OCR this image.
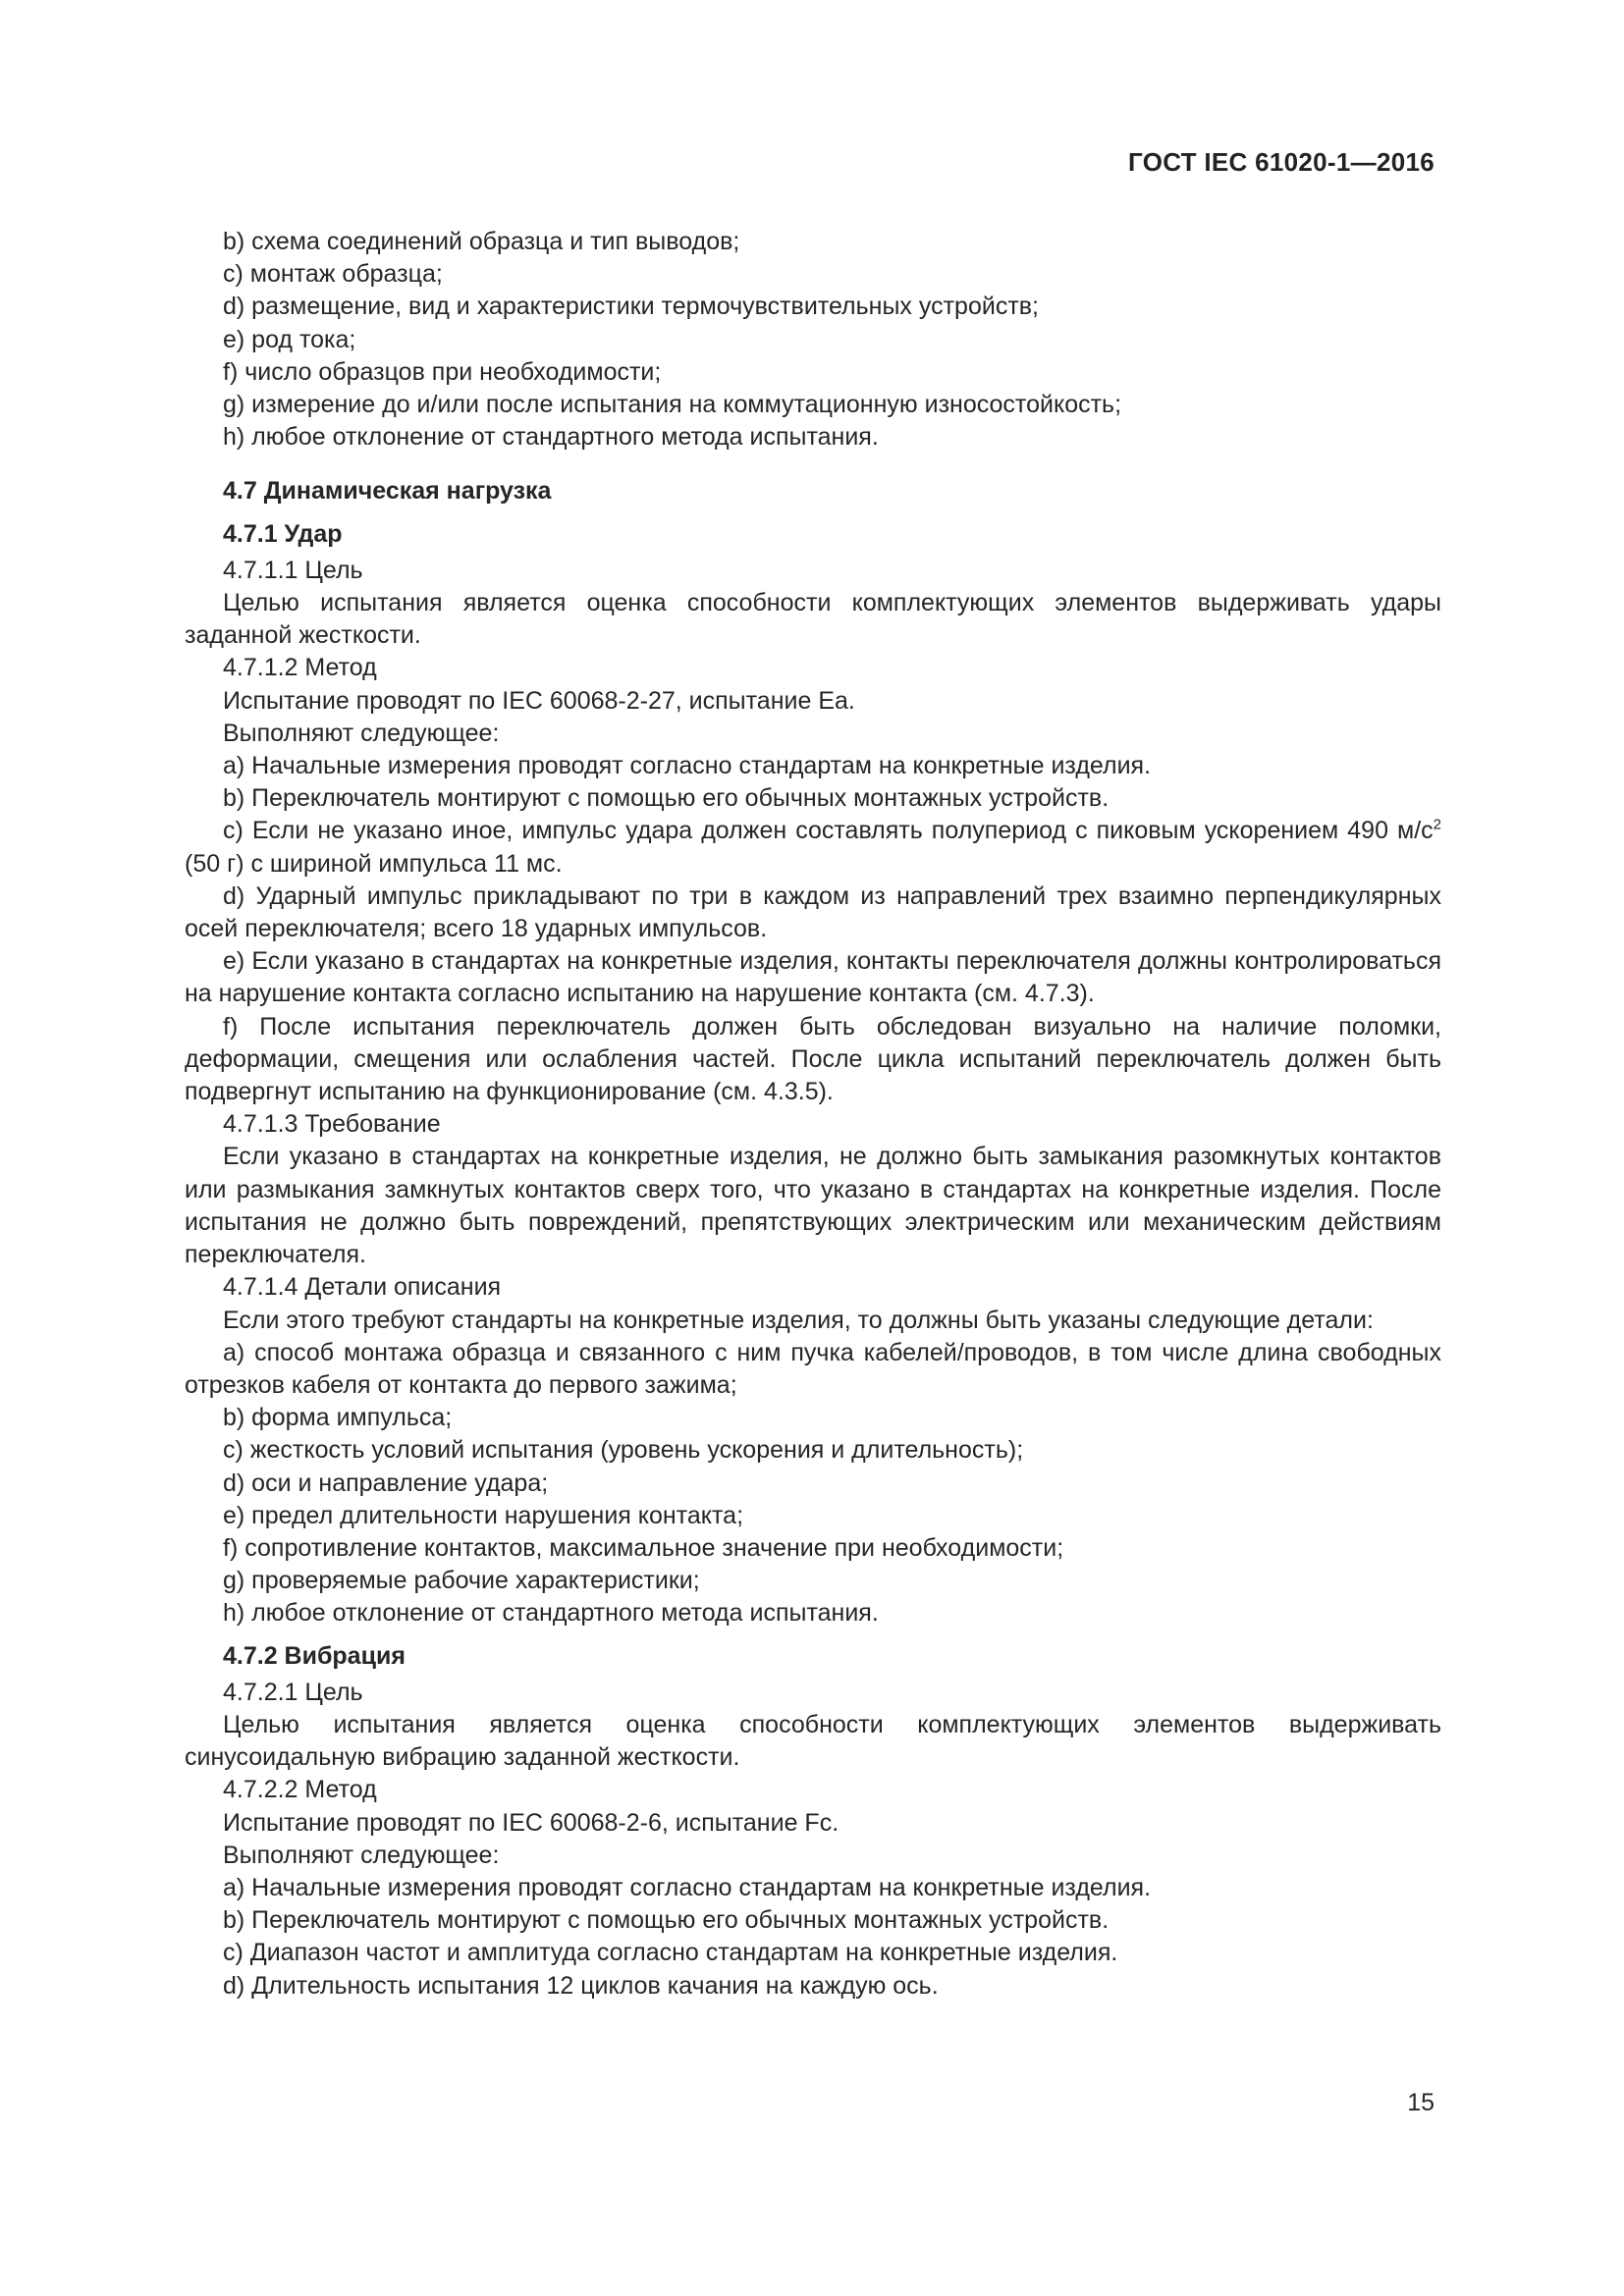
ГОСТ IEC 61020-1—2016

b) схема соединений образца и тип выводов;

c) монтаж образца;

d) размещение, вид и характеристики термочувствительных устройств;

e) род тока;

f) число образцов при необходимости;

g) измерение до и/или после испытания на коммутационную износостойкость;

h) любое отклонение от стандартного метода испытания.

4.7 Динамическая нагрузка
4.7.1 Удар

4.7.1.1 Цель

Целью испытания является оценка способности комплектующих элементов выдерживать удары заданной жесткости.

4.7.1.2 Метод

Испытание проводят по IEC 60068-2-27, испытание Ea.

Выполняют следующее:

a) Начальные измерения проводят согласно стандартам на конкретные изделия.

b) Переключатель монтируют с помощью его обычных монтажных устройств.

c) Если не указано иное, импульс удара должен составлять полупериод с пиковым ускорением 490 $м/с^2$ (50 г) с шириной импульса 11 мс.

d) Ударный импульс прикладывают по три в каждом из направлений трех взаимно перпендикулярных осей переключателя; всего 18 ударных импульсов.

e) Если указано в стандартах на конкретные изделия, контакты переключателя должны контролироваться на нарушение контакта согласно испытанию на нарушение контакта (см. 4.7.3).

f) После испытания переключатель должен быть обследован визуально на наличие поломки, деформации, смещения или ослабления частей. После цикла испытаний переключатель должен быть подвергнут испытанию на функционирование (см. 4.3.5).

4.7.1.3 Требование

Если указано в стандартах на конкретные изделия, не должно быть замыкания разомкнутых контактов или размыкания замкнутых контактов сверх того, что указано в стандартах на конкретные изделия. После испытания не должно быть повреждений, препятствующих электрическим или механическим действиям переключателя.

4.7.1.4 Детали описания

Если этого требуют стандарты на конкретные изделия, то должны быть указаны следующие детали:

a) способ монтажа образца и связанного с ним пучка кабелей/проводов, в том числе длина свободных отрезков кабеля от контакта до первого зажима;

b) форма импульса;

c) жесткость условий испытания (уровень ускорения и длительность);

d) оси и направление удара;

e) предел длительности нарушения контакта;

f) сопротивление контактов, максимальное значение при необходимости;

g) проверяемые рабочие характеристики;

h) любое отклонение от стандартного метода испытания.

4.7.2 Вибрация

4.7.2.1 Цель

Целью испытания является оценка способности комплектующих элементов выдерживать синусоидальную вибрацию заданной жесткости.

4.7.2.2 Метод

Испытание проводят по IEC 60068-2-6, испытание Fc.

Выполняют следующее:

a) Начальные измерения проводят согласно стандартам на конкретные изделия.

b) Переключатель монтируют с помощью его обычных монтажных устройств.

c) Диапазон частот и амплитуда согласно стандартам на конкретные изделия.

d) Длительность испытания 12 циклов качания на каждую ось.

15
